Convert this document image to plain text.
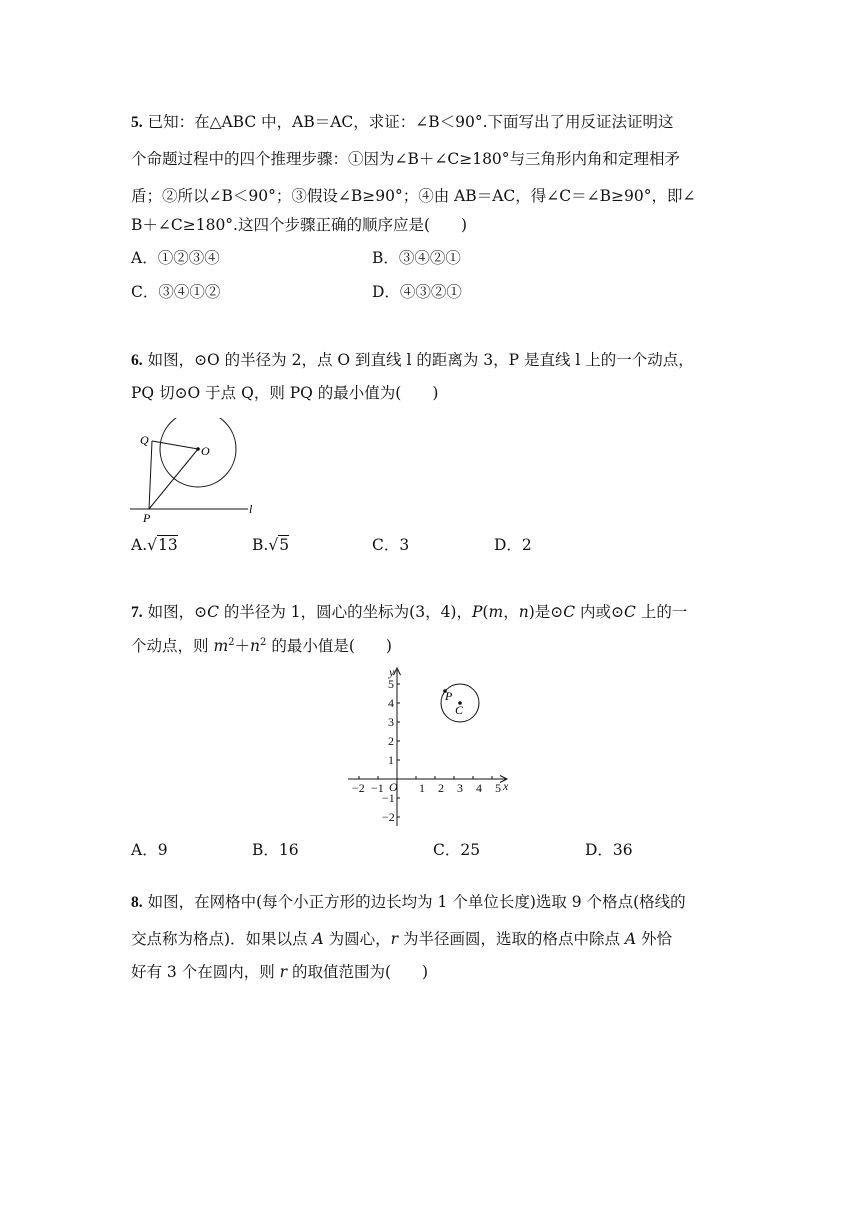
5. 已知：在△ABC 中，AB＝AC，求证：∠B＜90°.下面写出了用反证法证明这
个命题过程中的四个推理步骤：①因为∠B＋∠C≥180°与三角形内角和定理相矛
盾；②所以∠B＜90°；③假设∠B≥90°；④由 AB＝AC，得∠C＝∠B≥90°，即∠
B＋∠C≥180°.这四个步骤正确的顺序应是(　　)
A．①②③④	B．③④②①
C．③④①②	D．④③②①
6. 如图，⊙O 的半径为 2，点 O 到直线 l 的距离为 3，P 是直线 l 上的一个动点，
PQ 切⊙O 于点 Q，则 PQ 的最小值为(　　)
Q
O
P
l
A.√13	B.√5	C．3	D．2
7. 如图，⊙C 的半径为 1，圆心的坐标为(3，4)，P(m，n)是⊙C 内或⊙C 上的一
个动点，则 $m^2+n^2$ 的最小值是(　　)
−2 −1	1 2 3 4 5
5
4
3
2
1
−1
−2
O	x
y
P
C
A．9	B．16	C．25	D．36
8. 如图，在网格中(每个小正方形的边长均为 1 个单位长度)选取 9 个格点(格线的
交点称为格点)．如果以点 A 为圆心，r 为半径画圆，选取的格点中除点 A 外恰
好有 3 个在圆内，则 r 的取值范围为(　　)
